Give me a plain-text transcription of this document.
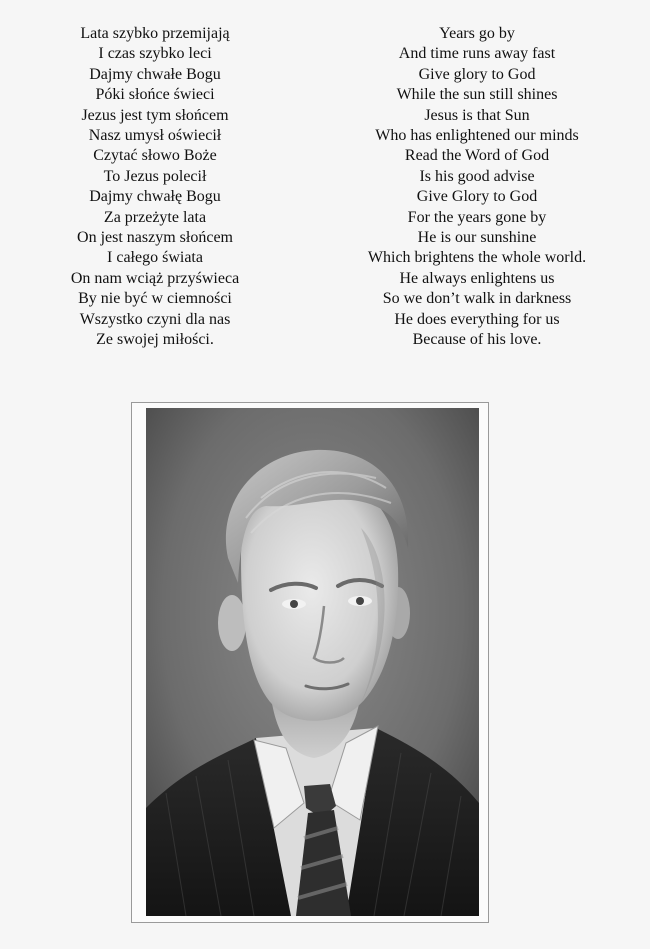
Lata szybko przemijają
I czas szybko leci
Dajmy chwałe Bogu
Póki słońce świeci
Jezus jest tym słońcem
Nasz umysł oświecił
Czytać słowo Boże
To Jezus polecił
Dajmy chwałę Bogu
Za przeżyte lata
On jest naszym słońcem
I całego świata
On nam wciąż przyświeca
By nie być w ciemności
Wszystko czyni dla nas
Ze swojej miłości.
Years go by
And time runs away fast
Give glory to God
While the sun still shines
Jesus is that Sun
Who has enlightened our minds
Read the Word of God
Is his good advise
Give Glory to God
For the years gone by
He is our sunshine
Which brightens the whole world.
He always enlightens us
So we don’t walk in darkness
He does everything for us
Because of his love.
